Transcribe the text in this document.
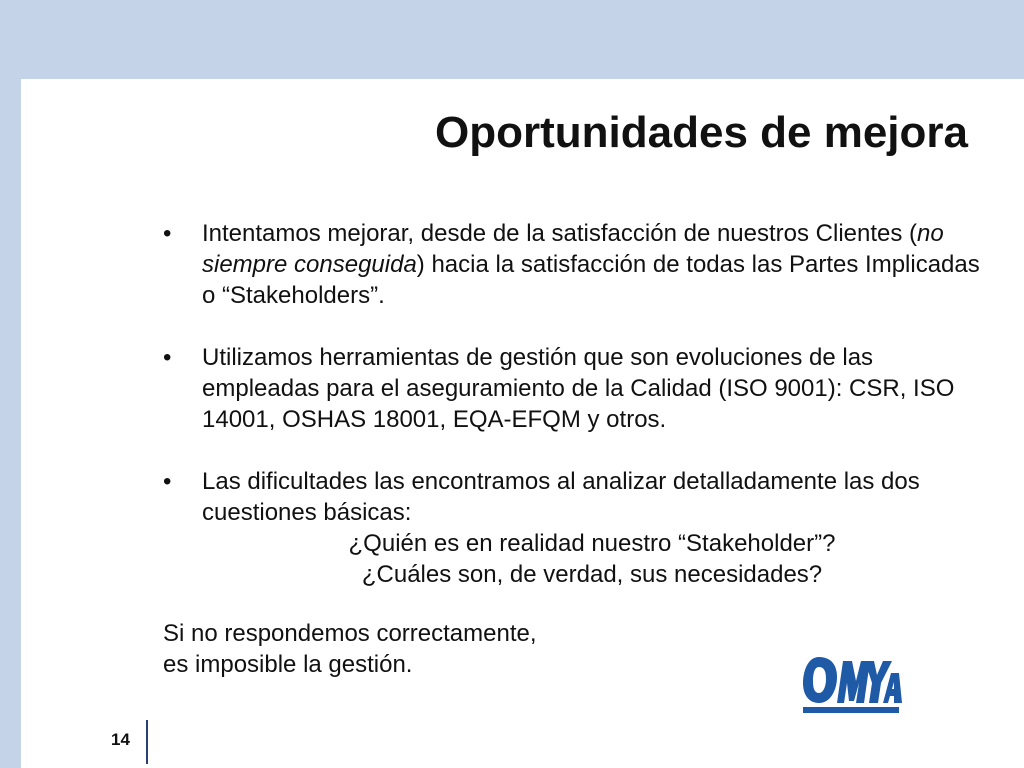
Oportunidades de mejora
• Intentamos mejorar, desde de la satisfacción de nuestros Clientes (no siempre conseguida) hacia la satisfacción de todas las Partes Implicadas o “Stakeholders”.
• Utilizamos herramientas de gestión que son evoluciones de las empleadas para el aseguramiento de la Calidad (ISO 9001): CSR, ISO 14001, OSHAS 18001, EQA-EFQM y otros.
• Las dificultades las encontramos al analizar detalladamente las dos cuestiones básicas:
¿Quién es en realidad nuestro “Stakeholder”?
¿Cuáles son, de verdad, sus necesidades?
Si no respondemos correctamente,
es imposible la gestión.
OMYA
14
